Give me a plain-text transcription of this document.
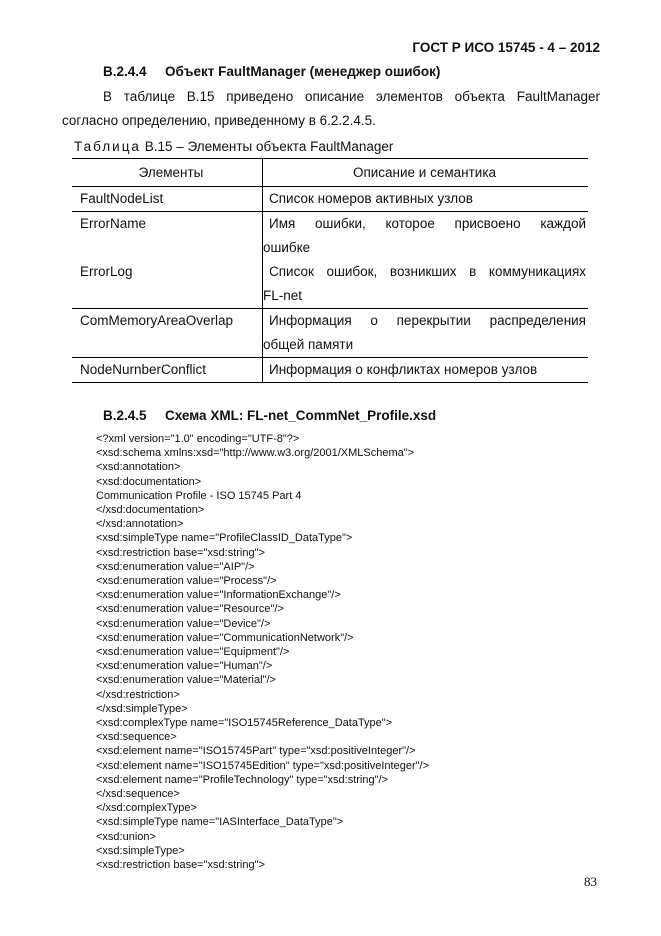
ГОСТ Р ИСО 15745 - 4 – 2012
B.2.4.4 Объект FaultManager (менеджер ошибок)
В таблице В.15 приведено описание элементов объекта FaultManager
согласно определению, приведенному в 6.2.2.4.5.
Таблица В.15 – Элементы объекта FaultManager
Элементы	Описание и семантика

FaultNodeList	Список номеров активных узлов

ErrorName	Имя ошибки, которое присвоено каждой
ошибке

ErrorLog	Список ошибок, возникших в коммуникациях
FL-net

ComMemoryAreaOverlap	Информация о перекрытии распределения
общей памяти

NodeNurnberConflict	Информация о конфликтах номеров узлов
B.2.4.5 Схема XML: FL-net_CommNet_Profile.xsd
<?xml version="1.0" encoding="UTF-8"?>
<xsd:schema xmlns:xsd="http://www.w3.org/2001/XMLSchema">
<xsd:annotation>
<xsd:documentation>
Communication Profile - ISO 15745 Part 4
</xsd:documentation>
</xsd:annotation>
<xsd:simpleType name="ProfileClassID_DataType">
<xsd:restriction base="xsd:string">
<xsd:enumeration value="AIP"/>
<xsd:enumeration value="Process"/>
<xsd:enumeration value="InformationExchange"/>
<xsd:enumeration value="Resource"/>
<xsd:enumeration value="Device"/>
<xsd:enumeration value="CommunicationNetwork"/>
<xsd:enumeration value="Equipment"/>
<xsd:enumeration value="Human"/>
<xsd:enumeration value="Material"/>
</xsd:restriction>
</xsd:simpleType>
<xsd:complexType name="ISO15745Reference_DataType">
<xsd:sequence>
<xsd:element name="ISO15745Part" type="xsd:positiveInteger"/>
<xsd:element name="ISO15745Edition" type="xsd:positiveInteger"/>
<xsd:element name="ProfileTechnology" type="xsd:string"/>
</xsd:sequence>
</xsd:complexType>
<xsd:simpleType name="IASInterface_DataType">
<xsd:union>
<xsd:simpleType>
<xsd:restriction base="xsd:string">
83
